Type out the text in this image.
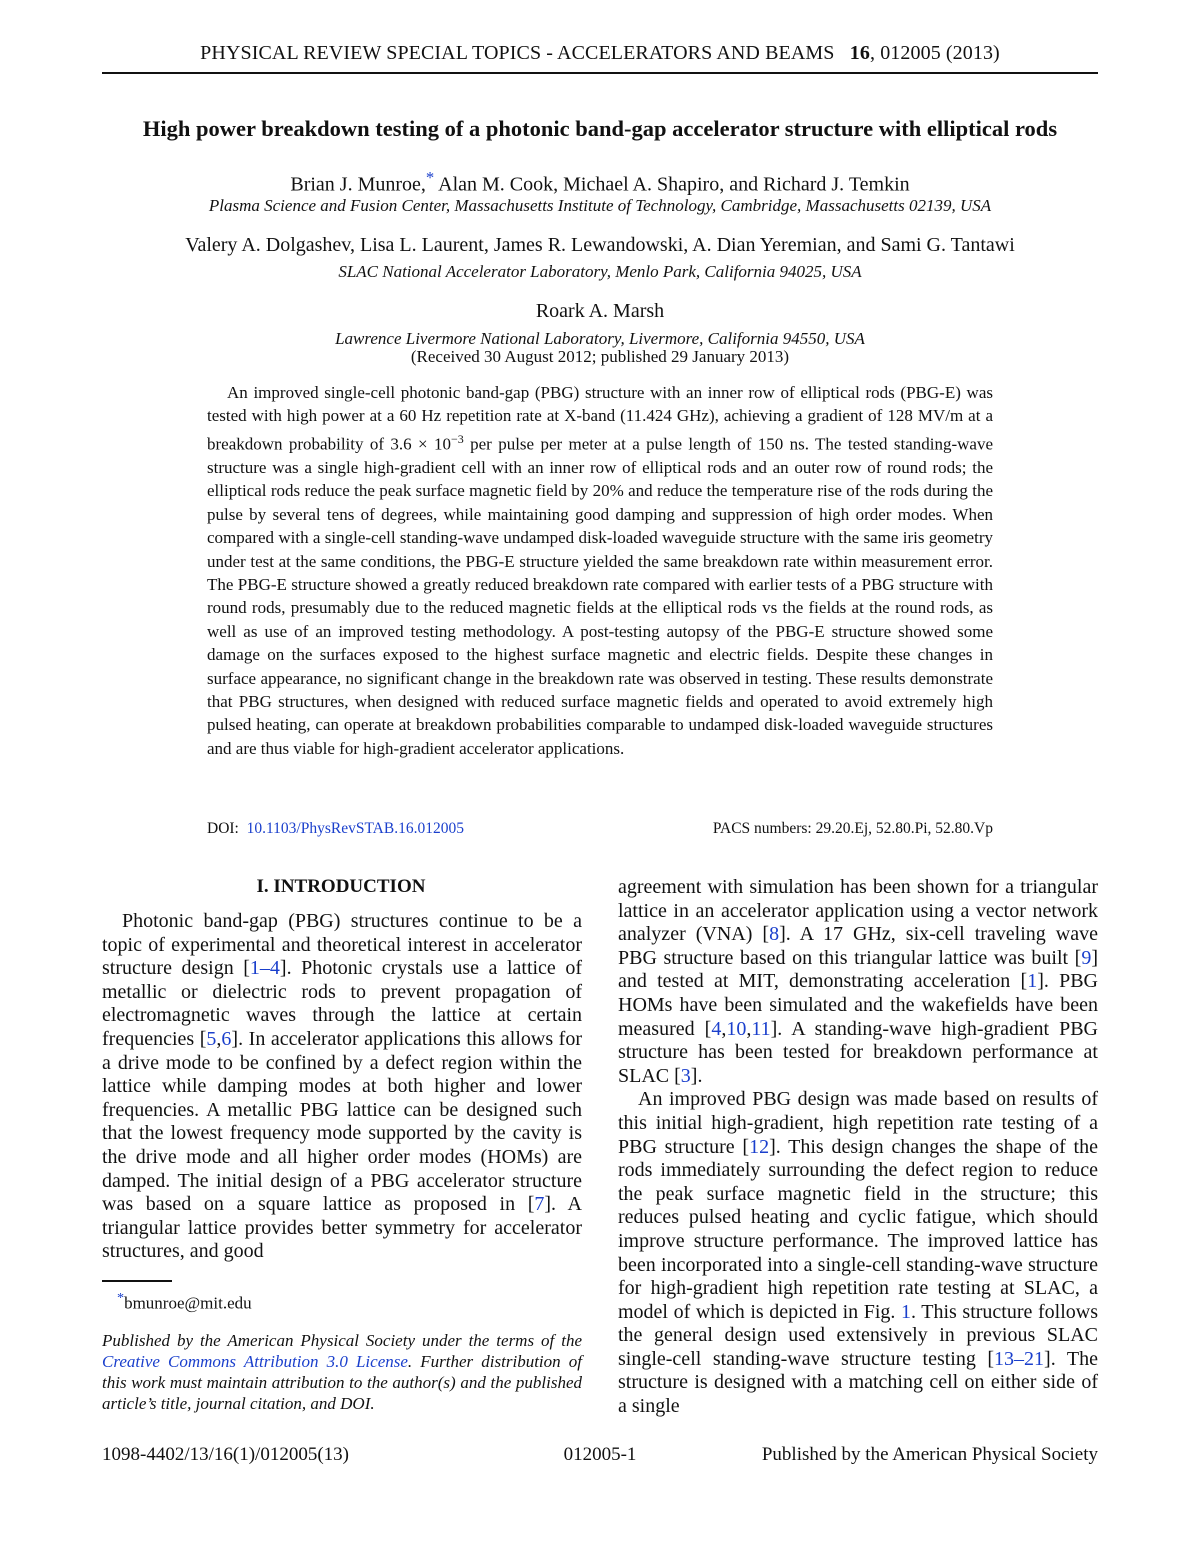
PHYSICAL REVIEW SPECIAL TOPICS - ACCELERATORS AND BEAMS 16, 012005 (2013)
High power breakdown testing of a photonic band-gap accelerator structure with elliptical rods
Brian J. Munroe,* Alan M. Cook, Michael A. Shapiro, and Richard J. Temkin
Plasma Science and Fusion Center, Massachusetts Institute of Technology, Cambridge, Massachusetts 02139, USA
Valery A. Dolgashev, Lisa L. Laurent, James R. Lewandowski, A. Dian Yeremian, and Sami G. Tantawi
SLAC National Accelerator Laboratory, Menlo Park, California 94025, USA
Roark A. Marsh
Lawrence Livermore National Laboratory, Livermore, California 94550, USA
(Received 30 August 2012; published 29 January 2013)
An improved single-cell photonic band-gap (PBG) structure with an inner row of elliptical rods (PBG-E) was tested with high power at a 60 Hz repetition rate at X-band (11.424 GHz), achieving a gradient of 128 MV/m at a breakdown probability of $3.6 \times 10^{-3}$ per pulse per meter at a pulse length of 150 ns. The tested standing-wave structure was a single high-gradient cell with an inner row of elliptical rods and an outer row of round rods; the elliptical rods reduce the peak surface magnetic field by 20% and reduce the temperature rise of the rods during the pulse by several tens of degrees, while maintaining good damping and suppression of high order modes. When compared with a single-cell standing-wave undamped disk-loaded waveguide structure with the same iris geometry under test at the same conditions, the PBG-E structure yielded the same breakdown rate within measurement error. The PBG-E structure showed a greatly reduced breakdown rate compared with earlier tests of a PBG structure with round rods, presumably due to the reduced magnetic fields at the elliptical rods vs the fields at the round rods, as well as use of an improved testing methodology. A post-testing autopsy of the PBG-E structure showed some damage on the surfaces exposed to the highest surface magnetic and electric fields. Despite these changes in surface appearance, no significant change in the breakdown rate was observed in testing. These results demonstrate that PBG structures, when designed with reduced surface magnetic fields and operated to avoid extremely high pulsed heating, can operate at breakdown probabilities comparable to undamped disk-loaded waveguide structures and are thus viable for high-gradient accelerator applications.
DOI: 10.1103/PhysRevSTAB.16.012005	PACS numbers: 29.20.Ej, 52.80.Pi, 52.80.Vp
I. INTRODUCTION

Photonic band-gap (PBG) structures continue to be a topic of experimental and theoretical interest in accelerator structure design [1–4]. Photonic crystals use a lattice of metallic or dielectric rods to prevent propagation of electromagnetic waves through the lattice at certain frequencies [5,6]. In accelerator applications this allows for a drive mode to be confined by a defect region within the lattice while damping modes at both higher and lower frequencies. A metallic PBG lattice can be designed such that the lowest frequency mode supported by the cavity is the drive mode and all higher order modes (HOMs) are damped. The initial design of a PBG accelerator structure was based on a square lattice as proposed in [7]. A triangular lattice provides better symmetry for accelerator structures, and good

agreement with simulation has been shown for a triangular lattice in an accelerator application using a vector network analyzer (VNA) [8]. A 17 GHz, six-cell traveling wave PBG structure based on this triangular lattice was built [9] and tested at MIT, demonstrating acceleration [1]. PBG HOMs have been simulated and the wakefields have been measured [4,10,11]. A standing-wave high-gradient PBG structure has been tested for breakdown performance at SLAC [3].

An improved PBG design was made based on results of this initial high-gradient, high repetition rate testing of a PBG structure [12]. This design changes the shape of the rods immediately surrounding the defect region to reduce the peak surface magnetic field in the structure; this reduces pulsed heating and cyclic fatigue, which should improve structure performance. The improved lattice has been incorporated into a single-cell standing-wave structure for high-gradient high repetition rate testing at SLAC, a model of which is depicted in Fig. 1. This structure follows the general design used extensively in previous SLAC single-cell standing-wave structure testing [13–21]. The structure is designed with a matching cell on either side of a single

*bmunroe@mit.edu
Published by the American Physical Society under the terms of the Creative Commons Attribution 3.0 License. Further distribution of this work must maintain attribution to the author(s) and the published article’s title, journal citation, and DOI.
1098-4402/13/16(1)/012005(13)	012005-1	Published by the American Physical Society
